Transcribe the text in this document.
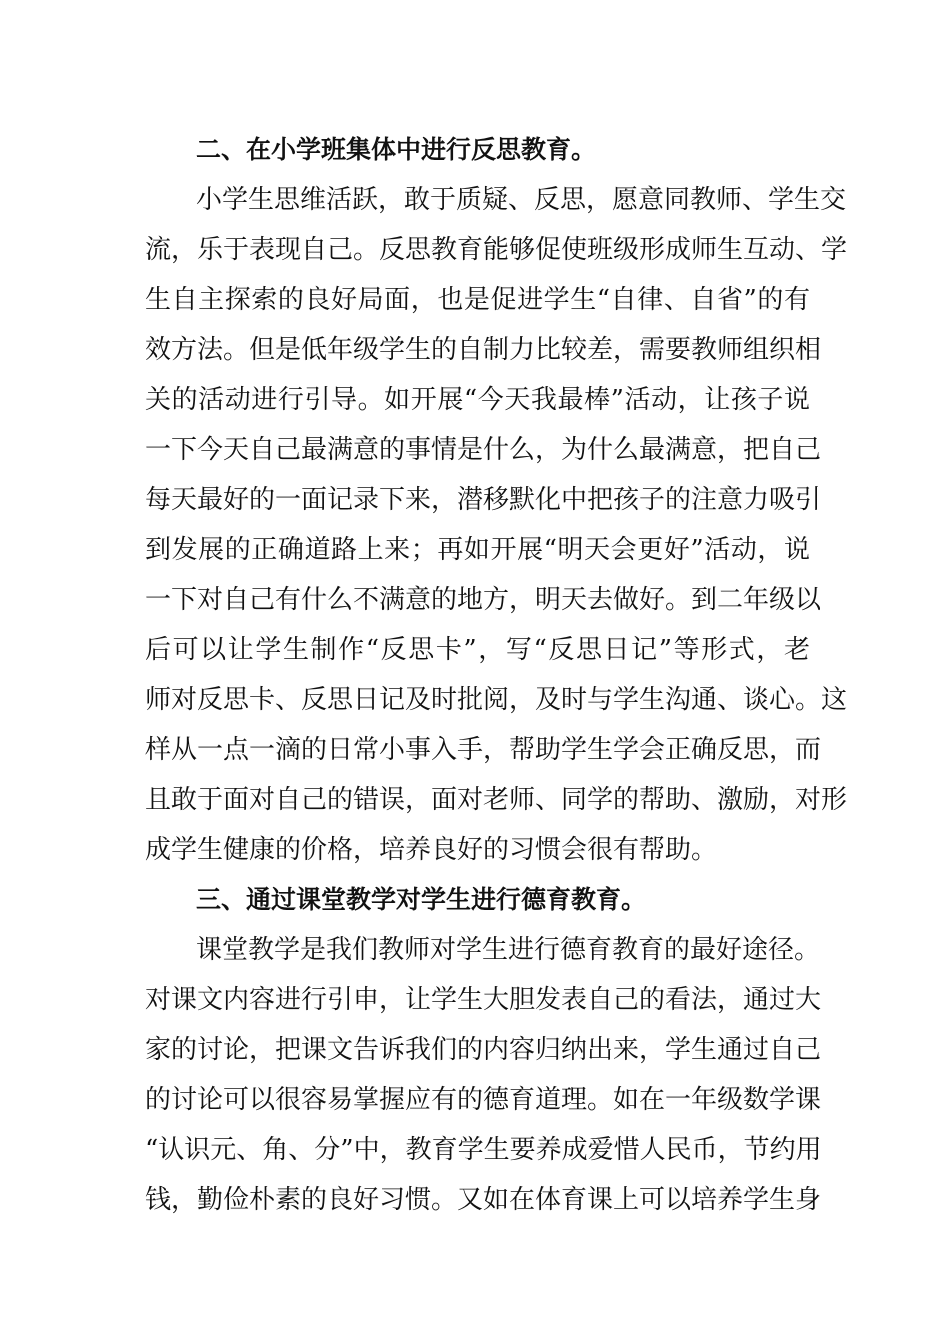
二、在小学班集体中进行反思教育。
小学生思维活跃，敢于质疑、反思，愿意同教师、学生交
流，乐于表现自己。反思教育能够促使班级形成师生互动、学
生自主探索的良好局面，也是促进学生“自律、自省”的有
效方法。但是低年级学生的自制力比较差，需要教师组织相
关的活动进行引导。如开展“今天我最棒”活动，让孩子说
一下今天自己最满意的事情是什么，为什么最满意，把自己
每天最好的一面记录下来，潜移默化中把孩子的注意力吸引
到发展的正确道路上来；再如开展“明天会更好”活动，说
一下对自己有什么不满意的地方，明天去做好。到二年级以
后可以让学生制作“反思卡”，写“反思日记”等形式，老
师对反思卡、反思日记及时批阅，及时与学生沟通、谈心。这
样从一点一滴的日常小事入手，帮助学生学会正确反思，而
且敢于面对自己的错误，面对老师、同学的帮助、激励，对形
成学生健康的价格，培养良好的习惯会很有帮助。
三、通过课堂教学对学生进行德育教育。
课堂教学是我们教师对学生进行德育教育的最好途径。
对课文内容进行引申，让学生大胆发表自己的看法，通过大
家的讨论，把课文告诉我们的内容归纳出来，学生通过自己
的讨论可以很容易掌握应有的德育道理。如在一年级数学课
“认识元、角、分”中，教育学生要养成爱惜人民币，节约用
钱，勤俭朴素的良好习惯。又如在体育课上可以培养学生身
